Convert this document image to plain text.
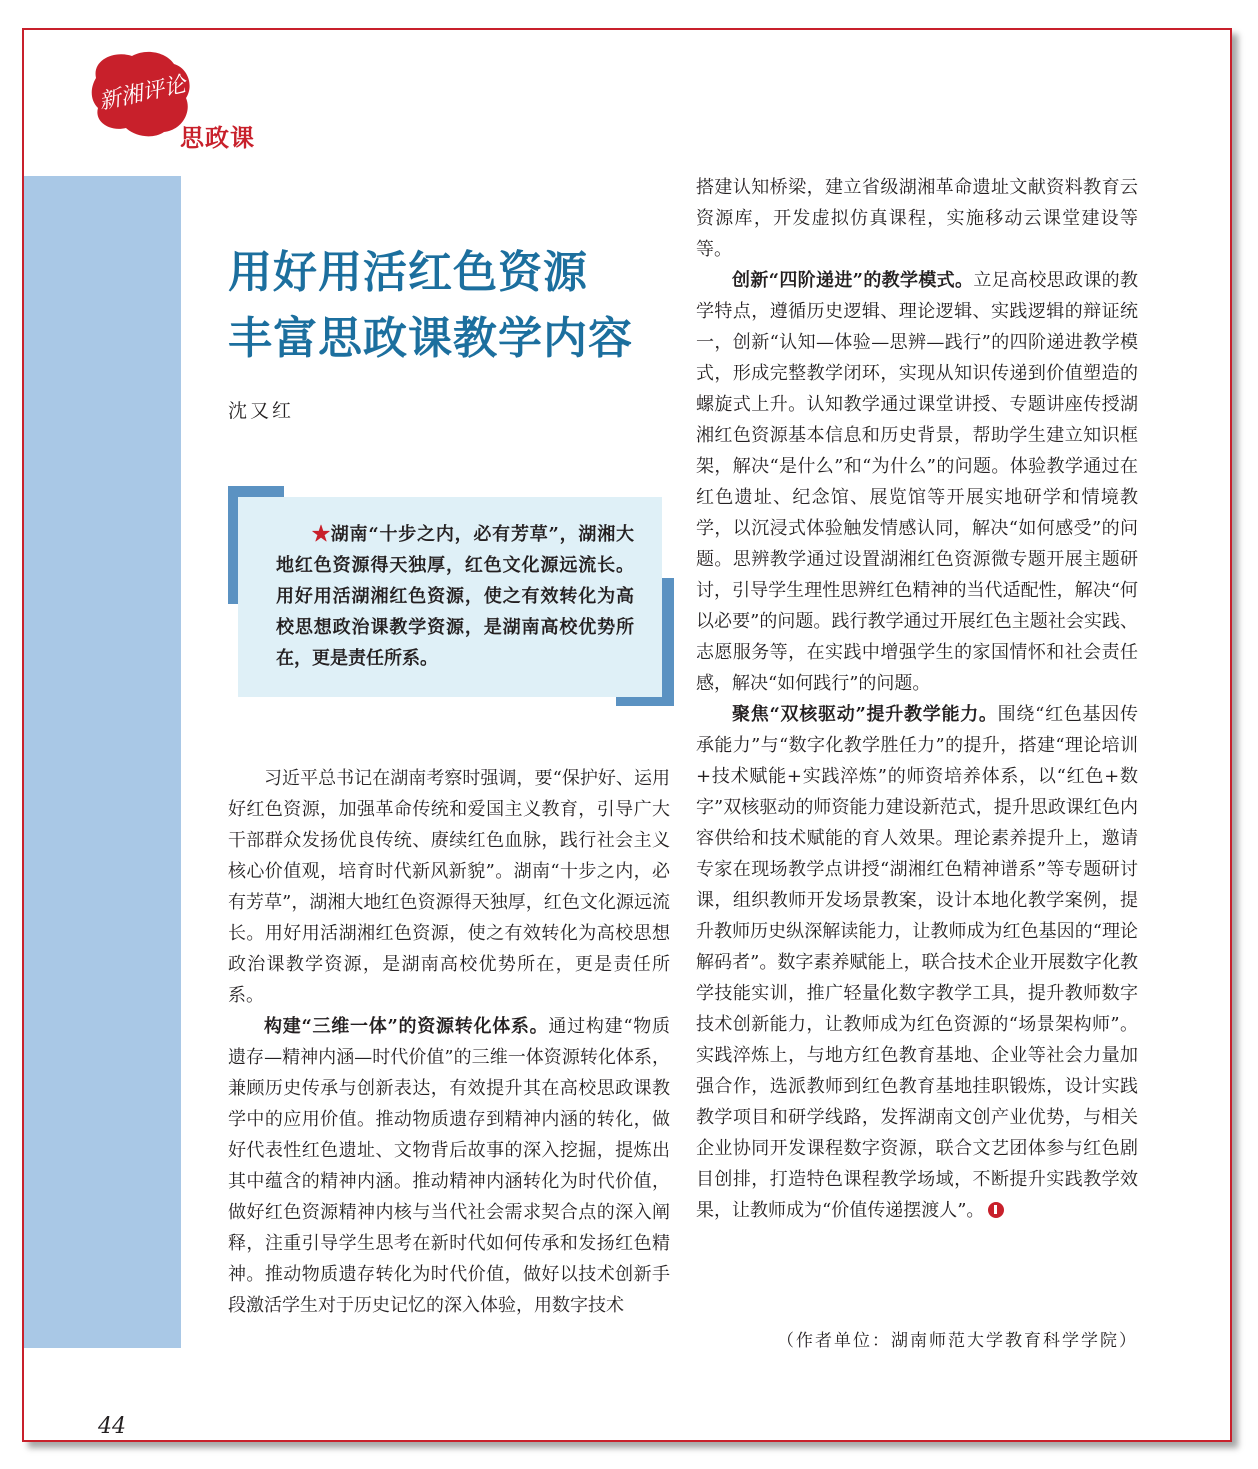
新湘评论
思政课
用好用活红色资源
丰富思政课教学内容
沈又红

★湖南“十步之内，必有芳草”，湖湘大地红色资源得天独厚，红色文化源远流长。用好用活湖湘红色资源，使之有效转化为高校思想政治课教学资源，是湖南高校优势所在，更是责任所系。

习近平总书记在湖南考察时强调，要“保护好、运用好红色资源，加强革命传统和爱国主义教育，引导广大干部群众发扬优良传统、赓续红色血脉，践行社会主义核心价值观，培育时代新风新貌”。湖南“十步之内，必有芳草”，湖湘大地红色资源得天独厚，红色文化源远流长。用好用活湖湘红色资源，使之有效转化为高校思想政治课教学资源，是湖南高校优势所在，更是责任所系。

构建“三维一体”的资源转化体系。通过构建“物质遗存—精神内涵—时代价值”的三维一体资源转化体系，兼顾历史传承与创新表达，有效提升其在高校思政课教学中的应用价值。推动物质遗存到精神内涵的转化，做好代表性红色遗址、文物背后故事的深入挖掘，提炼出其中蕴含的精神内涵。推动精神内涵转化为时代价值，做好红色资源精神内核与当代社会需求契合点的深入阐释，注重引导学生思考在新时代如何传承和发扬红色精神。推动物质遗存转化为时代价值，做好以技术创新手段激活学生对于历史记忆的深入体验，用数字技术

搭建认知桥梁，建立省级湖湘革命遗址文献资料教育云资源库，开发虚拟仿真课程，实施移动云课堂建设等等。

创新“四阶递进”的教学模式。立足高校思政课的教学特点，遵循历史逻辑、理论逻辑、实践逻辑的辩证统一，创新“认知—体验—思辨—践行”的四阶递进教学模式，形成完整教学闭环，实现从知识传递到价值塑造的螺旋式上升。认知教学通过课堂讲授、专题讲座传授湖湘红色资源基本信息和历史背景，帮助学生建立知识框架，解决“是什么”和“为什么”的问题。体验教学通过在红色遗址、纪念馆、展览馆等开展实地研学和情境教学，以沉浸式体验触发情感认同，解决“如何感受”的问题。思辨教学通过设置湖湘红色资源微专题开展主题研讨，引导学生理性思辨红色精神的当代适配性，解决“何以必要”的问题。践行教学通过开展红色主题社会实践、志愿服务等，在实践中增强学生的家国情怀和社会责任感，解决“如何践行”的问题。

聚焦“双核驱动”提升教学能力。围绕“红色基因传承能力”与“数字化教学胜任力”的提升，搭建“理论培训+技术赋能+实践淬炼”的师资培养体系，以“红色+数字”双核驱动的师资能力建设新范式，提升思政课红色内容供给和技术赋能的育人效果。理论素养提升上，邀请专家在现场教学点讲授“湖湘红色精神谱系”等专题研讨课，组织教师开发场景教案，设计本地化教学案例，提升教师历史纵深解读能力，让教师成为红色基因的“理论解码者”。数字素养赋能上，联合技术企业开展数字化教学技能实训，推广轻量化数字教学工具，提升教师数字技术创新能力，让教师成为红色资源的“场景架构师”。实践淬炼上，与地方红色教育基地、企业等社会力量加强合作，选派教师到红色教育基地挂职锻炼，设计实践教学项目和研学线路，发挥湖南文创产业优势，与相关企业协同开发课程数字资源，联合文艺团体参与红色剧目创排，打造特色课程教学场域，不断提升实践教学效果，让教师成为“价值传递摆渡人”。

（作者单位：湖南师范大学教育科学学院）
44
